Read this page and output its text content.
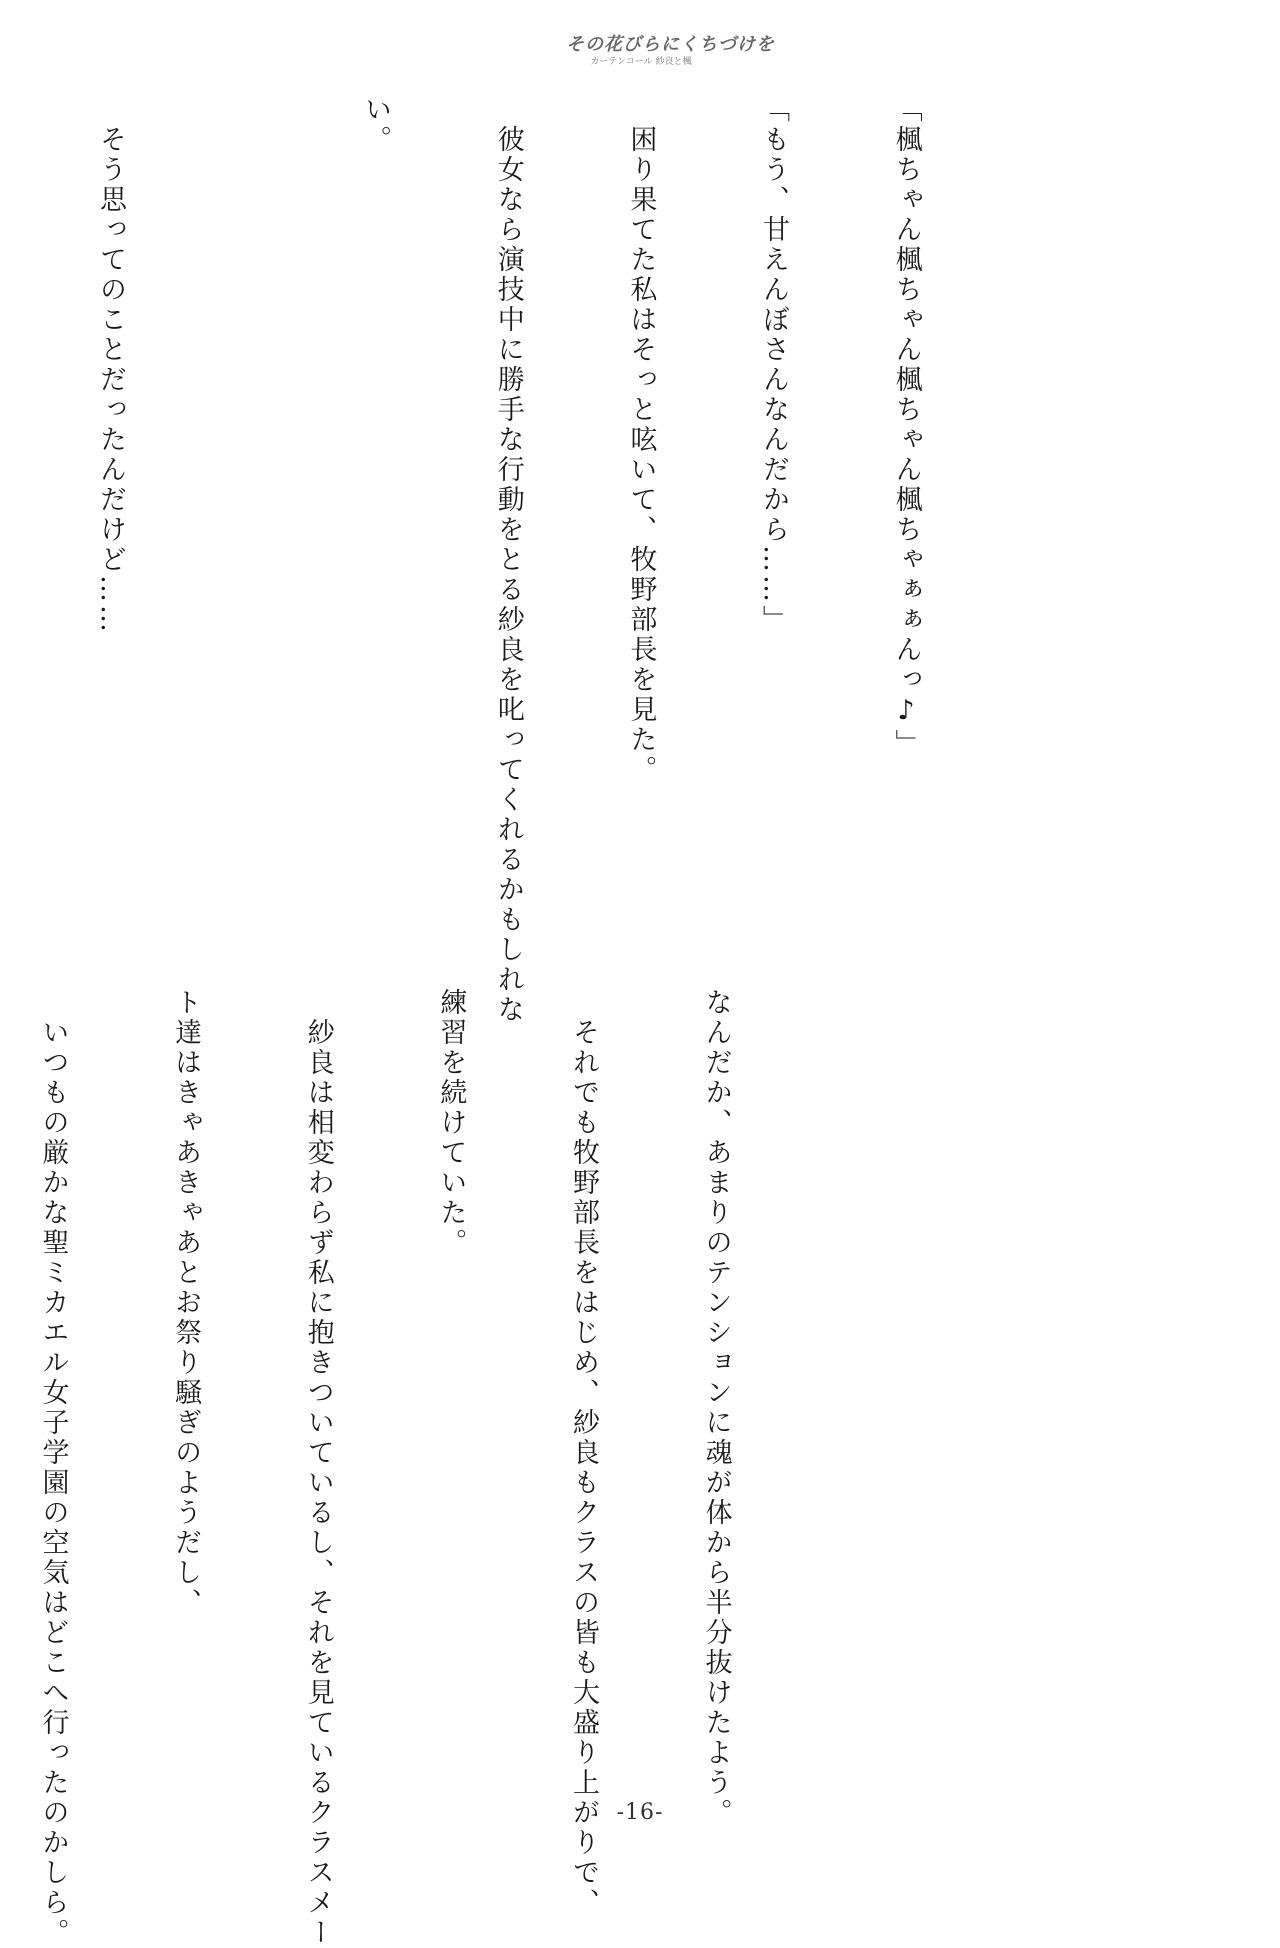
その花びらにくちづけを
カーテンコール 紗良と楓

「楓ちゃん楓ちゃん楓ちゃん楓ちゃぁぁんっ♪」

「もう、甘えんぼさんなんだから……」

　困り果てた私はそっと呟いて、牧野部長を見た。

　彼女なら演技中に勝手な行動をとる紗良を叱ってくれるかもしれな

い。

　そう思ってのことだったんだけど……

なんだか、あまりのテンションに魂が体から半分抜けたよう。

　それでも牧野部長をはじめ、紗良もクラスの皆も大盛り上がりで、

練習を続けていた。

　紗良は相変わらず私に抱きついているし、それを見ているクラスメー

ト達はきゃあきゃあとお祭り騒ぎのようだし、

　いつもの厳かな聖ミカエル女子学園の空気はどこへ行ったのかしら。

	-16-
